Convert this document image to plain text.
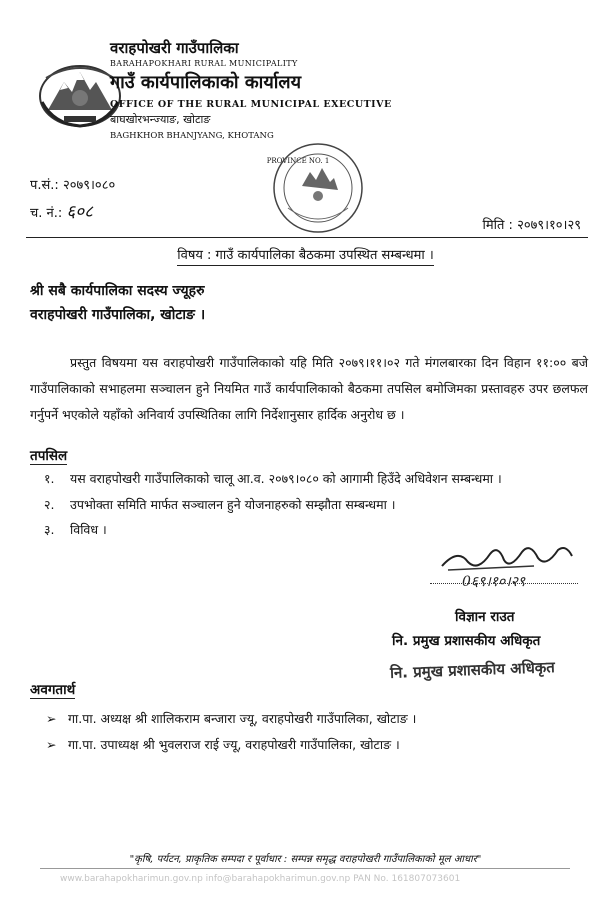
वराहपोखरी गाउँपालिका
BARAHAPOKHARI RURAL MUNICIPALITY
गाउँ कार्यपालिकाको कार्यालय
OFFICE OF THE RURAL MUNICIPAL EXECUTIVE
बाघखोरभन्ज्याङ, खोटाङ
BAGHKHOR BHANJYANG, KHOTANG
PROVINCE NO. 1
प.सं.: २०७९।०८०
च. नं.: ६०८
मिति : २०७९।१०।२९
विषय : गाउँ कार्यपालिका बैठकमा उपस्थित सम्बन्धमा ।
श्री सबै कार्यपालिका सदस्य ज्यूहरु
वराहपोखरी गाउँपालिका, खोटाङ ।
प्रस्तुत विषयमा यस वराहपोखरी गाउँपालिकाको यहि मिति २०७९।११।०२ गते मंगलबारका दिन विहान ११:०० बजे गाउँपालिकाको सभाहलमा सञ्चालन हुने नियमित गाउँ कार्यपालिकाको बैठकमा तपसिल बमोजिमका प्रस्तावहरु उपर छलफल गर्नुपर्ने भएकोले यहाँको अनिवार्य उपस्थितिका लागि निर्देशानुसार हार्दिक अनुरोध छ ।
तपसिल
१. यस वराहपोखरी गाउँपालिकाको चालू आ.व. २०७९।०८० को आगामी हिउँदे अधिवेशन सम्बन्धमा ।
२. उपभोक्ता समिति मार्फत सञ्चालन हुने योजनाहरुको सम्झौता सम्बन्धमा ।
३. विविध ।
0६९।१०।२९
विज्ञान राउत
नि. प्रमुख प्रशासकीय अधिकृत
नि. प्रमुख प्रशासकीय अधिकृत
अवगतार्थ
➢ गा.पा. अध्यक्ष श्री शालिकराम बन्जारा ज्यू, वराहपोखरी गाउँपालिका, खोटाङ ।
➢ गा.पा. उपाध्यक्ष श्री भुवलराज राई ज्यू, वराहपोखरी गाउँपालिका, खोटाङ ।
"कृषि, पर्यटन, प्राकृतिक सम्पदा र पूर्वाधार : सम्पन्न समृद्ध वराहपोखरी गाउँपालिकाको मूल आधार"
www.barahapokharimun.gov.np info@barahapokharimun.gov.np PAN No. 161807073601
